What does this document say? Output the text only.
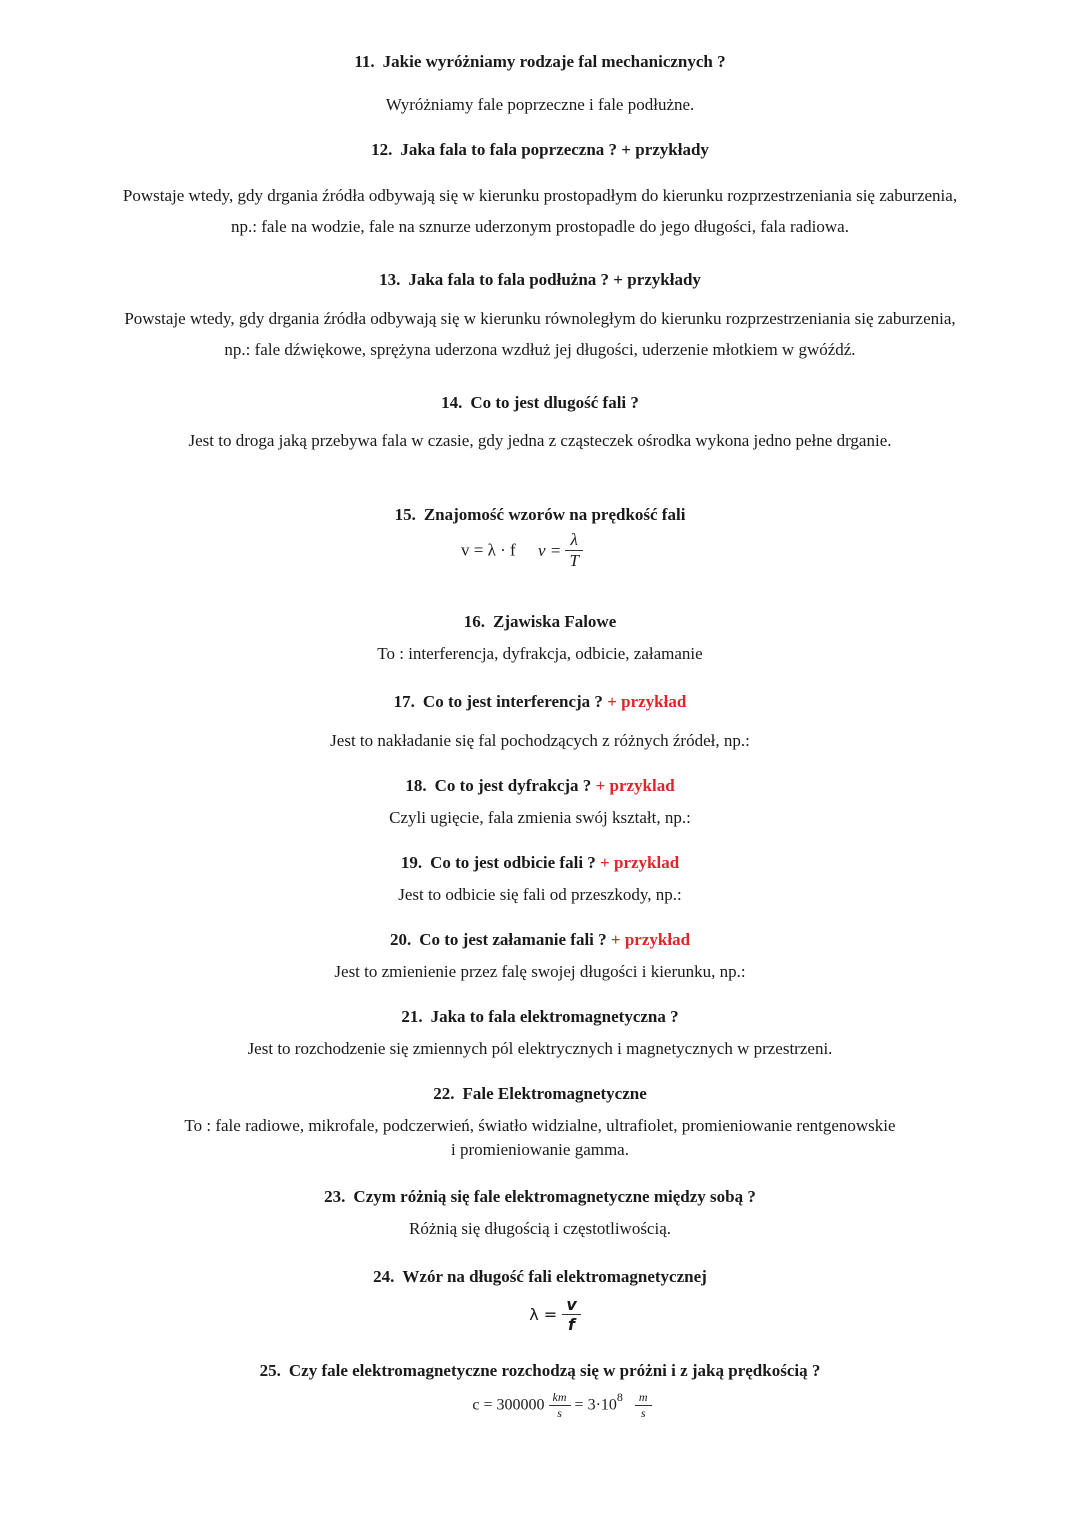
11. Jakie wyróżniamy rodzaje fal mechanicznych ?
Wyróżniamy fale poprzeczne i fale podłużne.
12. Jaka fala to fala poprzeczna ? + przykłady
Powstaje wtedy, gdy drgania źródła odbywają się w kierunku prostopadłym do kierunku rozprzestrzeniania się zaburzenia,
np.: fale na wodzie, fale na sznurze uderzonym prostopadle do jego długości, fala radiowa.
13. Jaka fala to fala podłużna ? + przykłady
Powstaje wtedy, gdy drgania źródła odbywają się w kierunku równoległym do kierunku rozprzestrzeniania się zaburzenia,
np.: fale dźwiękowe, sprężyna uderzona wzdłuż jej długości, uderzenie młotkiem w gwóźdź.
14. Co to jest dlugość fali ?
Jest to droga jaką przebywa fala w czasie, gdy jedna z cząsteczek ośrodka wykona jedno pełne drganie.
15. Znajomość wzorów na prędkość fali
v = λ · f $v = \frac{\lambda}{T}$
16. Zjawiska Falowe
To : interferencja, dyfrakcja, odbicie, załamanie
17. Co to jest interferencja ? + przykład
Jest to nakładanie się fal pochodzących z różnych źródeł, np.:
18. Co to jest dyfrakcja ? + przyklad
Czyli ugięcie, fala zmienia swój kształt, np.:
19. Co to jest odbicie fali ? + przyklad
Jest to odbicie się fali od przeszkody, np.:
20. Co to jest załamanie fali ? + przykład
Jest to zmienienie przez falę swojej długości i kierunku, np.:
21. Jaka to fala elektromagnetyczna ?
Jest to rozchodzenie się zmiennych pól elektrycznych i magnetycznych w przestrzeni.
22. Fale Elektromagnetyczne
To : fale radiowe, mikrofale, podczerwień, światło widzialne, ultrafiolet, promieniowanie rentgenowskie
i promieniowanie gamma.
23. Czym różnią się fale elektromagnetyczne między sobą ?
Różnią się długością i częstotliwością.
24. Wzór na długość fali elektromagnetycznej
$\lambda = \frac{v}{f}$
25. Czy fale elektromagnetyczne rozchodzą się w próżni i z jaką prędkością ?
$c = 300000 \frac{km}{s} = 3\cdot 10^8 \frac{m}{s}$
